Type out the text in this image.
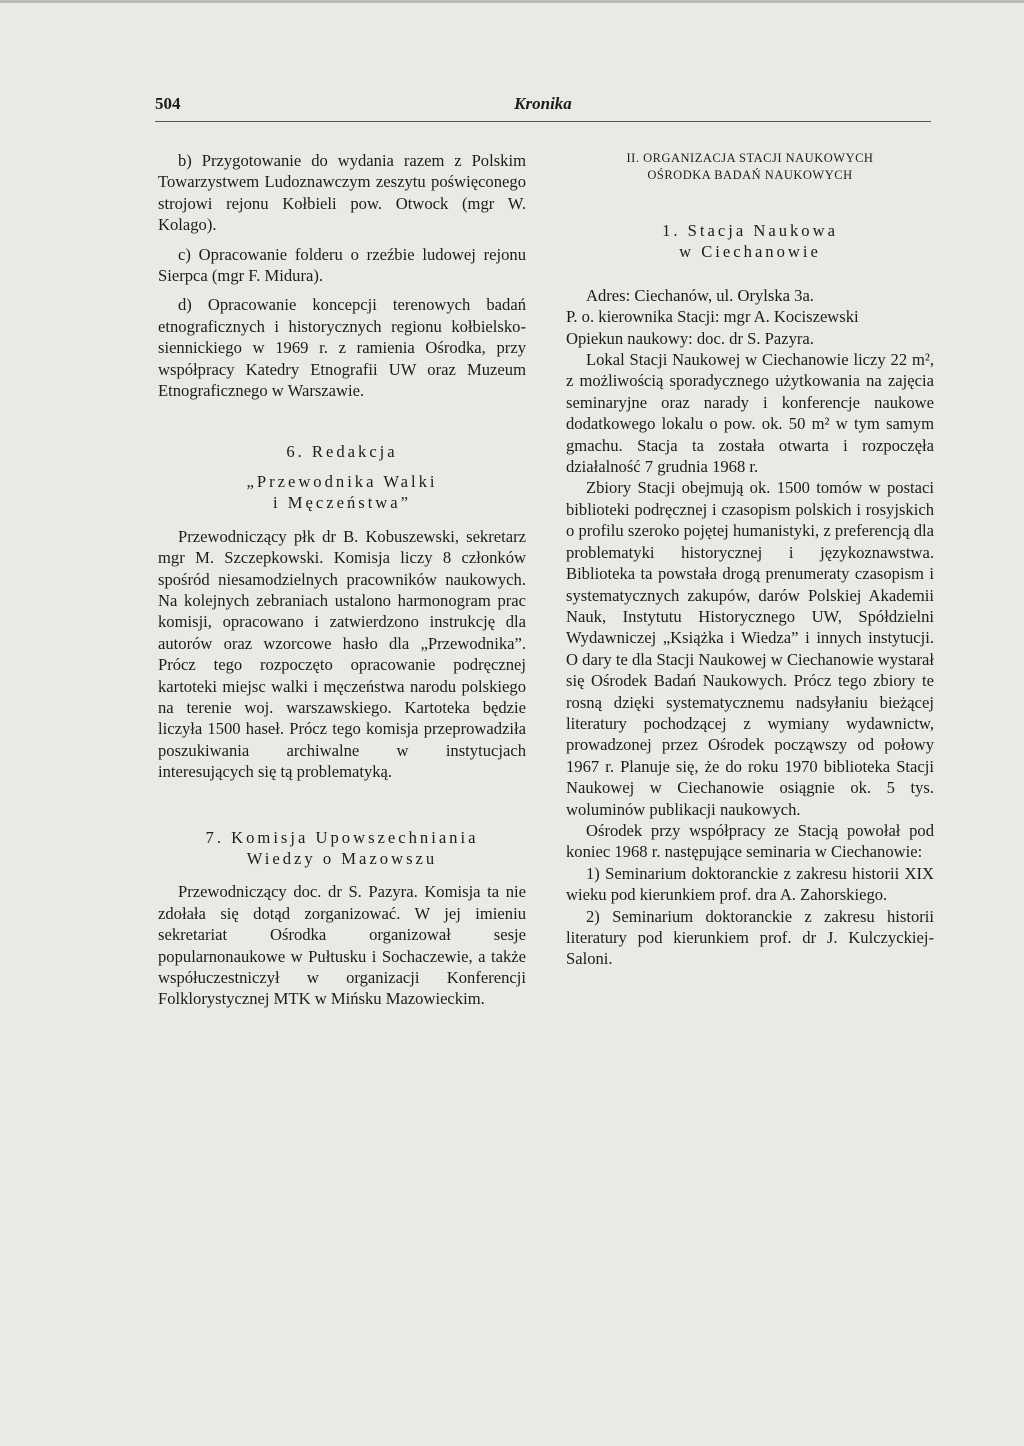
504	Kronika

b) Przygotowanie do wydania razem z Polskim Towarzystwem Ludoznawczym zeszytu poświęconego strojowi rejonu Kołbieli pow. Otwock (mgr W. Kolago).

c) Opracowanie folderu o rzeźbie ludowej rejonu Sierpca (mgr F. Midura).

d) Opracowanie koncepcji terenowych badań etnograficznych i historycznych regionu kołbielsko-siennickiego w 1969 r. z ramienia Ośrodka, przy współpracy Katedry Etnografii UW oraz Muzeum Etnograficznego w Warszawie.

6. Redakcja

„Przewodnika Walki

i Męczeństwa”

Przewodniczący płk dr B. Kobuszewski, sekretarz mgr M. Szczepkowski. Komisja liczy 8 członków spośród niesamodzielnych pracowników naukowych. Na kolejnych zebraniach ustalono harmonogram prac komisji, opracowano i zatwierdzono instrukcję dla autorów oraz wzorcowe hasło dla „Przewodnika”. Prócz tego rozpoczęto opracowanie podręcznej kartoteki miejsc walki i męczeństwa narodu polskiego na terenie woj. warszawskiego. Kartoteka będzie liczyła 1500 haseł. Prócz tego komisja przeprowadziła poszukiwania archiwalne w instytucjach interesujących się tą problematyką.

7. Komisja Upowszechniania

Wiedzy o Mazowszu

Przewodniczący doc. dr S. Pazyra. Komisja ta nie zdołała się dotąd zorganizować. W jej imieniu sekretariat Ośrodka organizował sesje popularnonaukowe w Pułtusku i Sochaczewie, a także współuczestniczył w organizacji Konferencji Folklorystycznej MTK w Mińsku Mazowieckim.

II. ORGANIZACJA STACJI NAUKOWYCH

OŚRODKA BADAŃ NAUKOWYCH

1. Stacja Naukowa

w Ciechanowie

Adres: Ciechanów, ul. Orylska 3a.

P. o. kierownika Stacji: mgr A. Kociszewski

Opiekun naukowy: doc. dr S. Pazyra.

Lokal Stacji Naukowej w Ciechanowie liczy 22 m², z możliwością sporadycznego użytkowania na zajęcia seminaryjne oraz narady i konferencje naukowe dodatkowego lokalu o pow. ok. 50 m² w tym samym gmachu. Stacja ta została otwarta i rozpoczęła działalność 7 grudnia 1968 r.

Zbiory Stacji obejmują ok. 1500 tomów w postaci biblioteki podręcznej i czasopism polskich i rosyjskich o profilu szeroko pojętej humanistyki, z preferencją dla problematyki historycznej i językoznawstwa. Biblioteka ta powstała drogą prenumeraty czasopism i systematycznych zakupów, darów Polskiej Akademii Nauk, Instytutu Historycznego UW, Spółdzielni Wydawniczej „Książka i Wiedza” i innych instytucji. O dary te dla Stacji Naukowej w Ciechanowie wystarał się Ośrodek Badań Naukowych. Prócz tego zbiory te rosną dzięki systematycznemu nadsyłaniu bieżącej literatury pochodzącej z wymiany wydawnictw, prowadzonej przez Ośrodek począwszy od połowy 1967 r. Planuje się, że do roku 1970 biblioteka Stacji Naukowej w Ciechanowie osiągnie ok. 5 tys. woluminów publikacji naukowych.

Ośrodek przy współpracy ze Stacją powołał pod koniec 1968 r. następujące seminaria w Ciechanowie:

1) Seminarium doktoranckie z zakresu historii XIX wieku pod kierunkiem prof. dra A. Zahorskiego.

2) Seminarium doktoranckie z zakresu historii literatury pod kierunkiem prof. dr J. Kulczycki​ej-Saloni.
